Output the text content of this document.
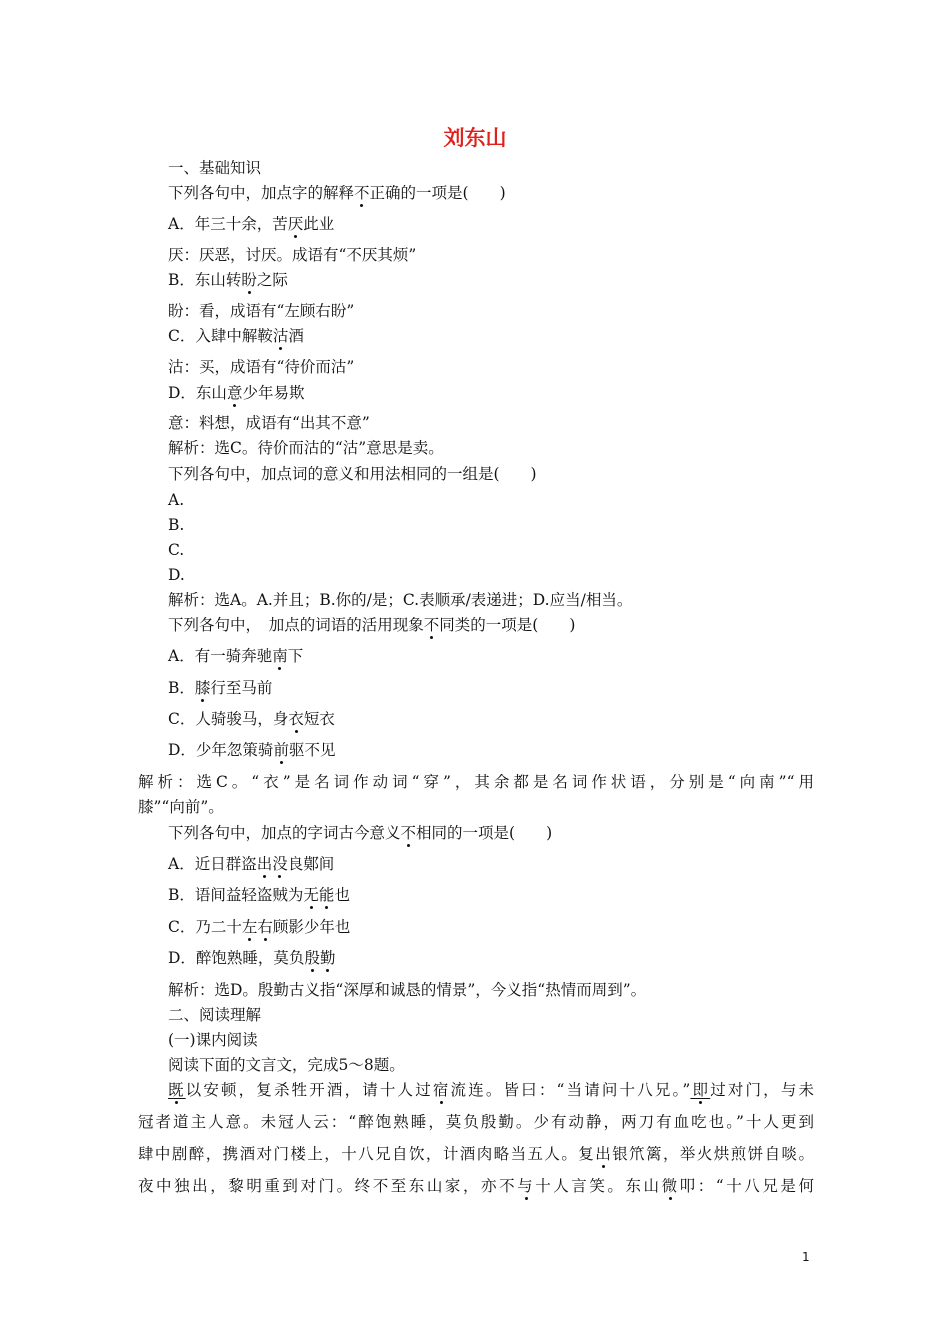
刘东山

一、基础知识

下列各句中，加点字的解释不正确的一项是(　　)

A．年三十余，苦厌此业

厌：厌恶，讨厌。成语有“不厌其烦”

B．东山转盼之际

盼：看，成语有“左顾右盼”

C．入肆中解鞍沽酒

沽：买，成语有“待价而沽”

D．东山意少年易欺

意：料想，成语有“出其不意”

解析：选C。待价而沽的“沽”意思是卖。

下列各句中，加点词的意义和用法相同的一组是(　　)

A.

B.

C.

D.

解析：选A。A.并且；B.你的/是；C.表顺承/表递进；D.应当/相当。

下列各句中，　加点的词语的活用现象不同类的一项是(　　)

A．有一骑奔驰南下

B．膝行至马前

C．人骑骏马，身衣短衣

D．少年忽策骑前驱不见

解析：选C。“衣”是名词作动词“穿”，其余都是名词作状语，分别是“向南”“用

膝”“向前”。

下列各句中，加点的字词古今意义不相同的一项是(　　)

A．近日群盗出没良鄚间

B．语间益轻盗贼为无能也

C．乃二十左右顾影少年也

D．醉饱熟睡，莫负殷勤

解析：选D。殷勤古义指“深厚和诚恳的情景”，今义指“热情而周到”。

二、阅读理解

(一)课内阅读

阅读下面的文言文，完成5～8题。

既以安顿，复杀牲开酒，请十人过宿流连。皆曰：“当请问十八兄。”即过对门，与未

冠者道主人意。未冠人云：“醉饱熟睡，莫负殷勤。少有动静，两刀有血吃也。”十人更到

肆中剧醉，携酒对门楼上，十八兄自饮，计酒肉略当五人。复出银笊篱，举火烘煎饼自啖。

夜中独出，黎明重到对门。终不至东山家，亦不与十人言笑。东山微叩：“十八兄是何

1
